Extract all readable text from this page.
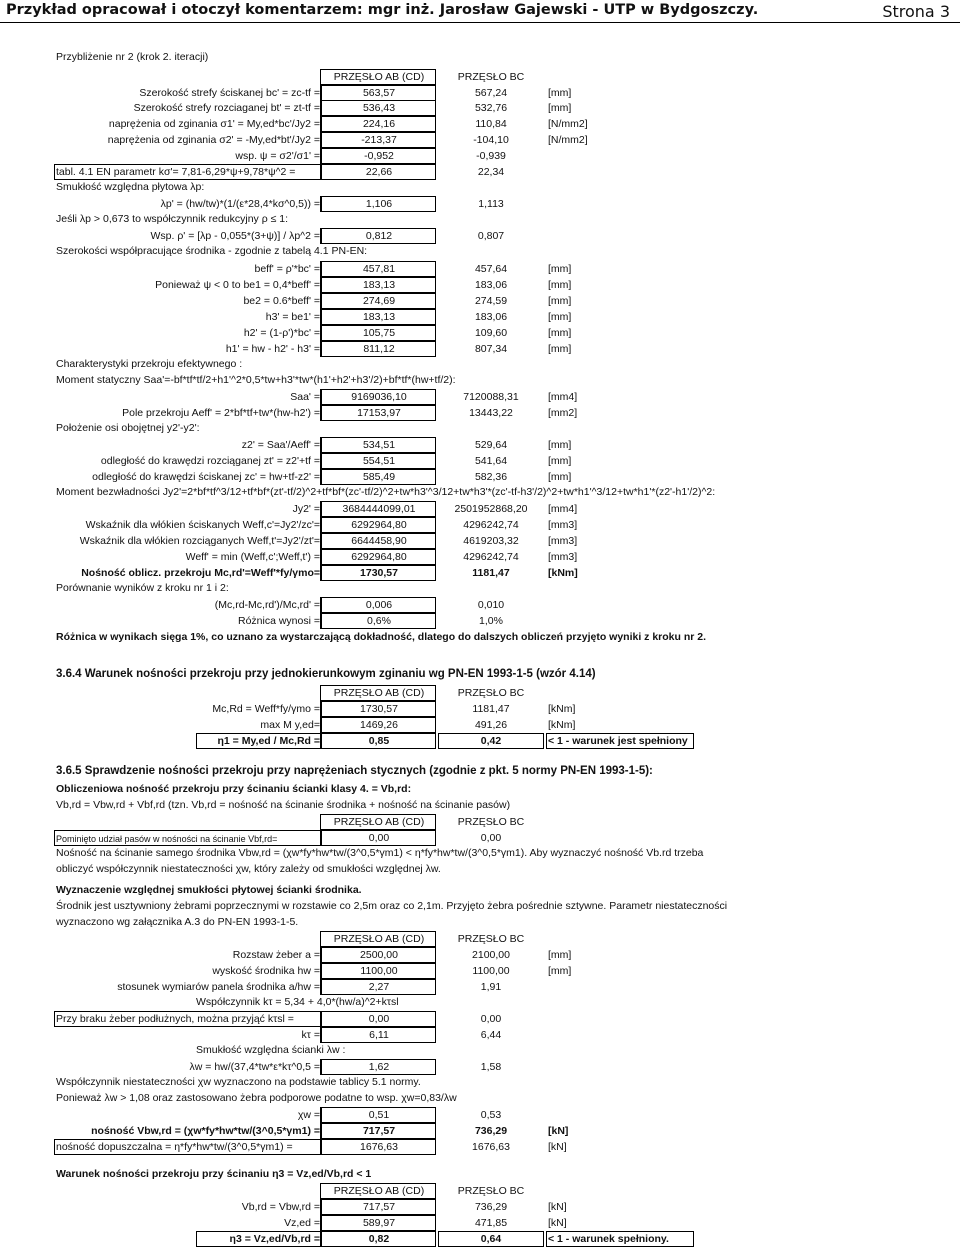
Przykład opracował i otoczył komentarzem: mgr inż. Jarosław Gajewski - UTP w Bydgoszczy.	Strona 3
Przybliżenie nr 2 (krok 2. iteracji)
PRZĘSŁO AB (CD)	PRZĘSŁO BC
Szerokość strefy ściskanej bc' = zc-tf =	563,57	567,24	[mm]
Szerokość strefy rozciaganej bt' = zt-tf =	536,43	532,76	[mm]
naprężenia od zginania σ1' = My,ed*bc'/Jy2 =	224,16	110,84	[N/mm2]
naprężenia od zginania σ2' = -My,ed*bt'/Jy2 =	-213,37	-104,10	[N/mm2]
wsp. ψ = σ2'/σ1' =	-0,952	-0,939
tabl. 4.1 EN parametr kσ'= 7,81-6,29*ψ+9,78*ψ^2 =	22,66	22,34
Smukłość względna płytowa λp:
λp' = (hw/tw)*(1/(ε*28,4*kσ^0,5)) =	1,106	1,113
Jeśli λp > 0,673 to współczynnik redukcyjny ρ ≤ 1:
Wsp. ρ' = [λp - 0,055*(3+ψ)] / λp^2 =	0,812	0,807
Szerokości współpracujące środnika - zgodnie z tabelą 4.1 PN-EN:
beff' = ρ'*bc' =	457,81	457,64	[mm]
Ponieważ ψ < 0 to be1 = 0,4*beff' =	183,13	183,06	[mm]
be2 = 0.6*beff' =	274,69	274,59	[mm]
h3' = be1' =	183,13	183,06	[mm]
h2' = (1-ρ')*bc' =	105,75	109,60	[mm]
h1' = hw - h2' - h3' =	811,12	807,34	[mm]
Charakterystyki przekroju efektywnego :
Moment statyczny Saa'=-bf*tf*tf/2+h1'^2*0,5*tw+h3'*tw*(h1'+h2'+h3'/2)+bf*tf*(hw+tf/2):
Saa' =	9169036,10	7120088,31	[mm4]
Pole przekroju Aeff' = 2*bf*tf+tw*(hw-h2') =	17153,97	13443,22	[mm2]
Położenie osi obojętnej y2'-y2':
z2' = Saa'/Aeff' =	534,51	529,64	[mm]
odległość do krawędzi rozciąganej zt' = z2'+tf =	554,51	541,64	[mm]
odległość do krawędzi ściskanej zc' = hw+tf-z2' =	585,49	582,36	[mm]
Moment bezwładności Jy2'=2*bf*tf^3/12+tf*bf*(zt'-tf/2)^2+tf*bf*(zc'-tf/2)^2+tw*h3'^3/12+tw*h3'*(zc'-tf-h3'/2)^2+tw*h1'^3/12+tw*h1'*(z2'-h1'/2)^2:
Jy2' =	3684444099,01	2501952868,20	[mm4]
Wskaźnik dla włókien ściskanych Weff,c'=Jy2'/zc'=	6292964,80	4296242,74	[mm3]
Wskaźnik dla włókien rozciąganych Weff,t'=Jy2'/zt'=	6644458,90	4619203,32	[mm3]
Weff' = min (Weff,c';Weff,t') =	6292964,80	4296242,74	[mm3]
Nośność oblicz. przekroju Mc,rd'=Weff'*fy/γmo=	1730,57	1181,47	[kNm]
Porównanie wyników z kroku nr 1 i 2:
(Mc,rd-Mc,rd')/Mc,rd' =	0,006	0,010
Różnica wynosi =	0,6%	1,0%
Różnica w wynikach sięga 1%, co uznano za wystarczającą dokładność, dlatego do dalszych obliczeń przyjęto wyniki z kroku nr 2.
3.6.4 Warunek nośności przekroju przy jednokierunkowym zginaniu wg PN-EN 1993-1-5 (wzór 4.14)
PRZĘSŁO AB (CD)	PRZĘSŁO BC
Mc,Rd = Weff*fy/γmo =	1730,57	1181,47	[kNm]
max M y,ed=	1469,26	491,26	[kNm]
η1 = My,ed / Mc,Rd =	0,85	0,42	< 1 - warunek jest spełniony
3.6.5 Sprawdzenie nośności przekroju przy naprężeniach stycznych (zgodnie z pkt. 5 normy PN-EN 1993-1-5):
Obliczeniowa nośność przekroju przy ścinaniu ścianki klasy 4. = Vb,rd:
Vb,rd = Vbw,rd + Vbf,rd (tzn. Vb,rd = nośność na ścinanie środnika + nośność na ścinanie pasów)
PRZĘSŁO AB (CD)	PRZĘSŁO BC
Pominięto udział pasów w nośności na ścinanie Vbf,rd=	0,00	0,00
Nośność na ścinanie samego środnika Vbw,rd = (χw*fy*hw*tw/(3^0,5*γm1) < η*fy*hw*tw/(3^0,5*γm1). Aby wyznaczyć nośność Vb.rd trzeba
obliczyć współczynnik niestateczności χw, który zależy od smukłości względnej λw.
Wyznaczenie względnej smukłości płytowej ścianki środnika.
Środnik jest usztywniony żebrami poprzecznymi w rozstawie co 2,5m oraz co 2,1m. Przyjęto żebra pośrednie sztywne. Parametr niestateczności
wyznaczono wg załącznika A.3 do PN-EN 1993-1-5.
PRZĘSŁO AB (CD)	PRZĘSŁO BC
Rozstaw żeber a =	2500,00	2100,00	[mm]
wyskość środnika hw =	1100,00	1100,00	[mm]
stosunek wymiarów panela środnika a/hw =	2,27	1,91
Współczynnik kτ = 5,34 + 4,0*(hw/a)^2+kτsl
Przy braku żeber podłużnych, można przyjąć kτsl =	0,00	0,00
kτ =	6,11	6,44
Smukłość względna ścianki λw :
λw = hw/(37,4*tw*ε*kτ^0,5 =	1,62	1,58
Współczynnik niestateczności χw wyznaczono na podstawie tablicy 5.1 normy.
Ponieważ λw > 1,08 oraz zastosowano żebra podporowe podatne to wsp. χw=0,83/λw
χw =	0,51	0,53
nośność Vbw,rd = (χw*fy*hw*tw/(3^0,5*γm1) =	717,57	736,29	[kN]
nośność dopuszczalna = η*fy*hw*tw/(3^0,5*γm1) =	1676,63	1676,63	[kN]
Warunek nośności przekroju przy ścinaniu η3 = Vz,ed/Vb,rd < 1
PRZĘSŁO AB (CD)	PRZĘSŁO BC
Vb,rd = Vbw,rd =	717,57	736,29	[kN]
Vz,ed =	589,97	471,85	[kN]
η3 = Vz,ed/Vb,rd =	0,82	0,64	< 1 - warunek spełniony.
